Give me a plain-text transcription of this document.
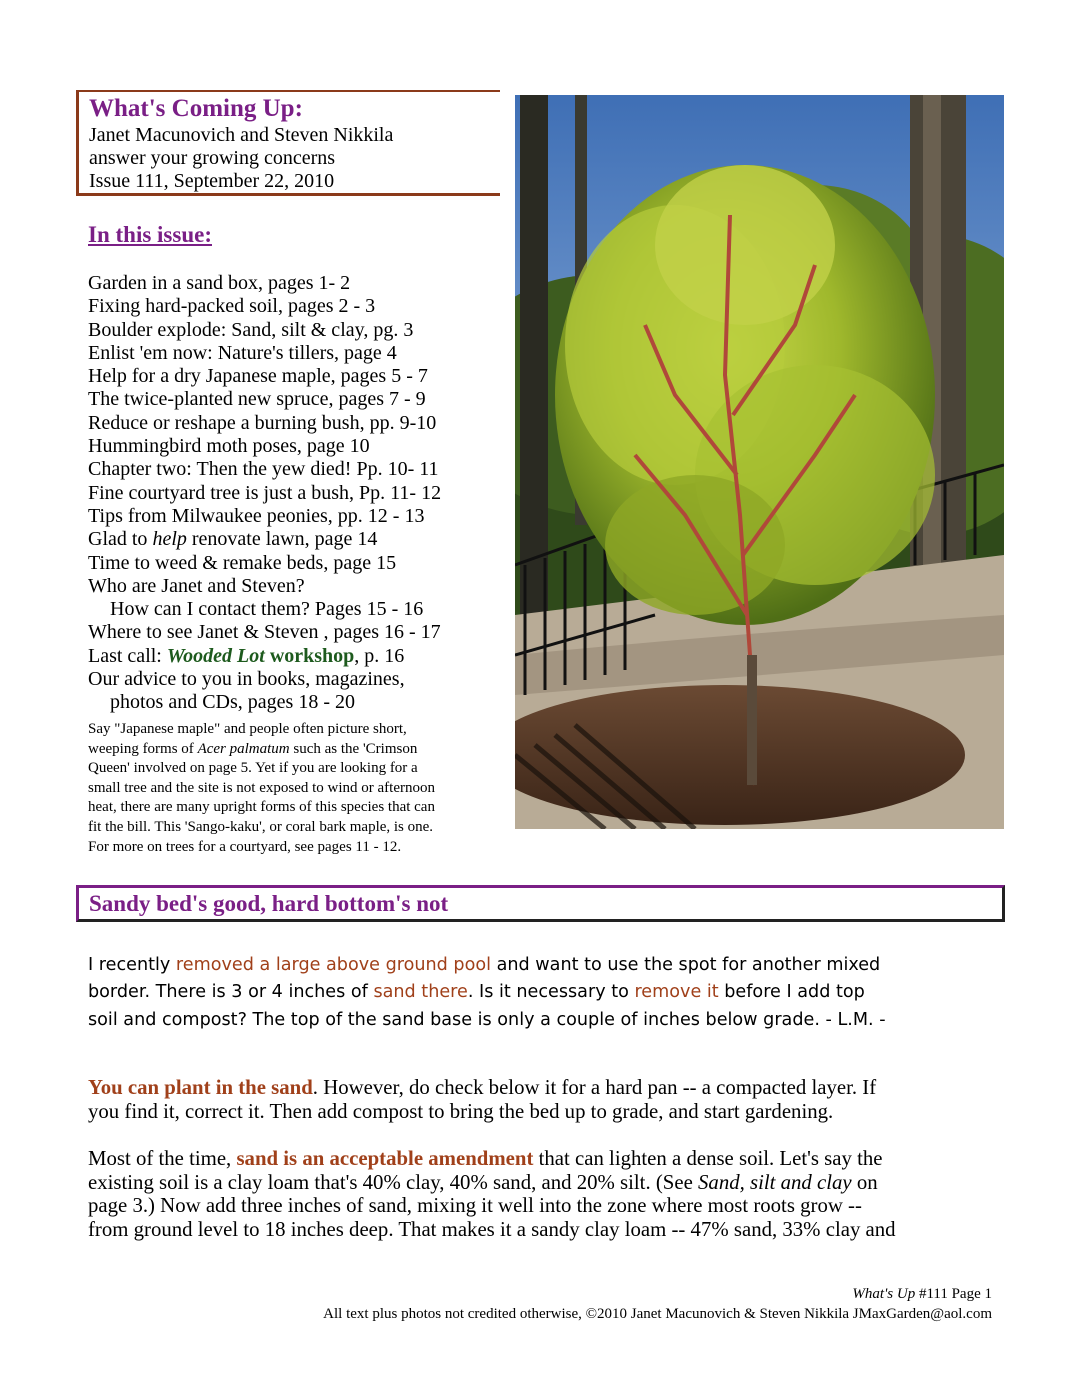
What's Coming Up:
Janet Macunovich and Steven Nikkila
answer your growing concerns
Issue 111, September 22, 2010
In this issue:
Garden in a sand box, pages 1- 2
Fixing hard-packed soil, pages 2 - 3
Boulder explode: Sand, silt & clay, pg. 3
Enlist 'em now: Nature's tillers, page 4
Help for a dry Japanese maple, pages 5 - 7
The twice-planted new spruce, pages 7 - 9
Reduce or reshape a burning bush, pp. 9-10
Hummingbird moth poses, page 10
Chapter two: Then the yew died! Pp. 10- 11
Fine courtyard tree is just a bush, Pp. 11- 12
Tips from Milwaukee peonies, pp. 12 - 13
Glad to help renovate lawn, page 14
Time to weed & remake beds, page 15
Who are Janet and Steven?
How can I contact them? Pages 15 - 16
Where to see Janet & Steven , pages 16 - 17
Last call: Wooded Lot workshop, p. 16
Our advice to you in books, magazines,
photos and CDs, pages 18 - 20

Say "Japanese maple" and people often picture short,

weeping forms of Acer palmatum such as the 'Crimson

Queen' involved on page 5. Yet if you are looking for a

small tree and the site is not exposed to wind or afternoon

heat, there are many upright forms of this species that can

fit the bill. This 'Sango-kaku', or coral bark maple, is one.

For more on trees for a courtyard, see pages 11 - 12.

Sandy bed's good, hard bottom's not
I recently removed a large above ground pool and want to use the spot for another mixed
border. There is 3 or 4 inches of sand there. Is it necessary to remove it before I add top
soil and compost? The top of the sand base is only a couple of inches below grade. - L.M. -
You can plant in the sand. However, do check below it for a hard pan -- a compacted layer. If
you find it, correct it. Then add compost to bring the bed up to grade, and start gardening.
Most of the time, sand is an acceptable amendment that can lighten a dense soil. Let's say the
existing soil is a clay loam that's 40% clay, 40% sand, and 20% silt. (See Sand, silt and clay on
page 3.) Now add three inches of sand, mixing it well into the zone where most roots grow --
from ground level to 18 inches deep. That makes it a sandy clay loam -- 47% sand, 33% clay and
What's Up #111 Page 1
All text plus photos not credited otherwise, ©2010 Janet Macunovich & Steven Nikkila JMaxGarden@aol.com
